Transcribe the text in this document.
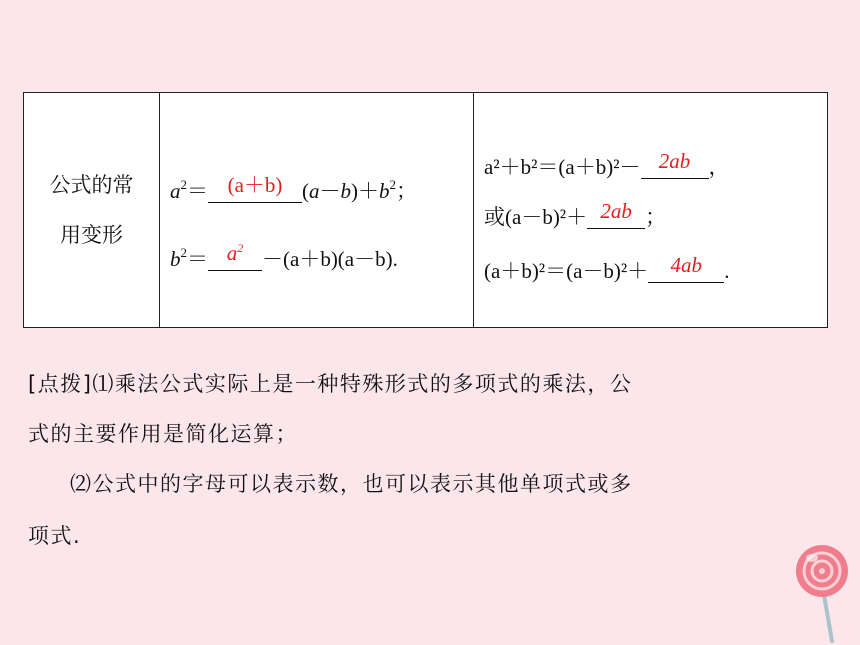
公式的常
用变形
$a^2= (a+b)$ $(a-b)+b^2$；
$b^2= a^2 -(a+b)(a-b)$.
a²＋b²＝(a＋b)²－ 2ab ，
或(a－b)²＋ 2ab ；
(a＋b)²＝(a－b)²＋ 4ab .
[点拨]⑴乘法公式实际上是一种特殊形式的多项式的乘法，公
式的主要作用是简化运算；
⑵公式中的字母可以表示数，也可以表示其他单项式或多
项式.
